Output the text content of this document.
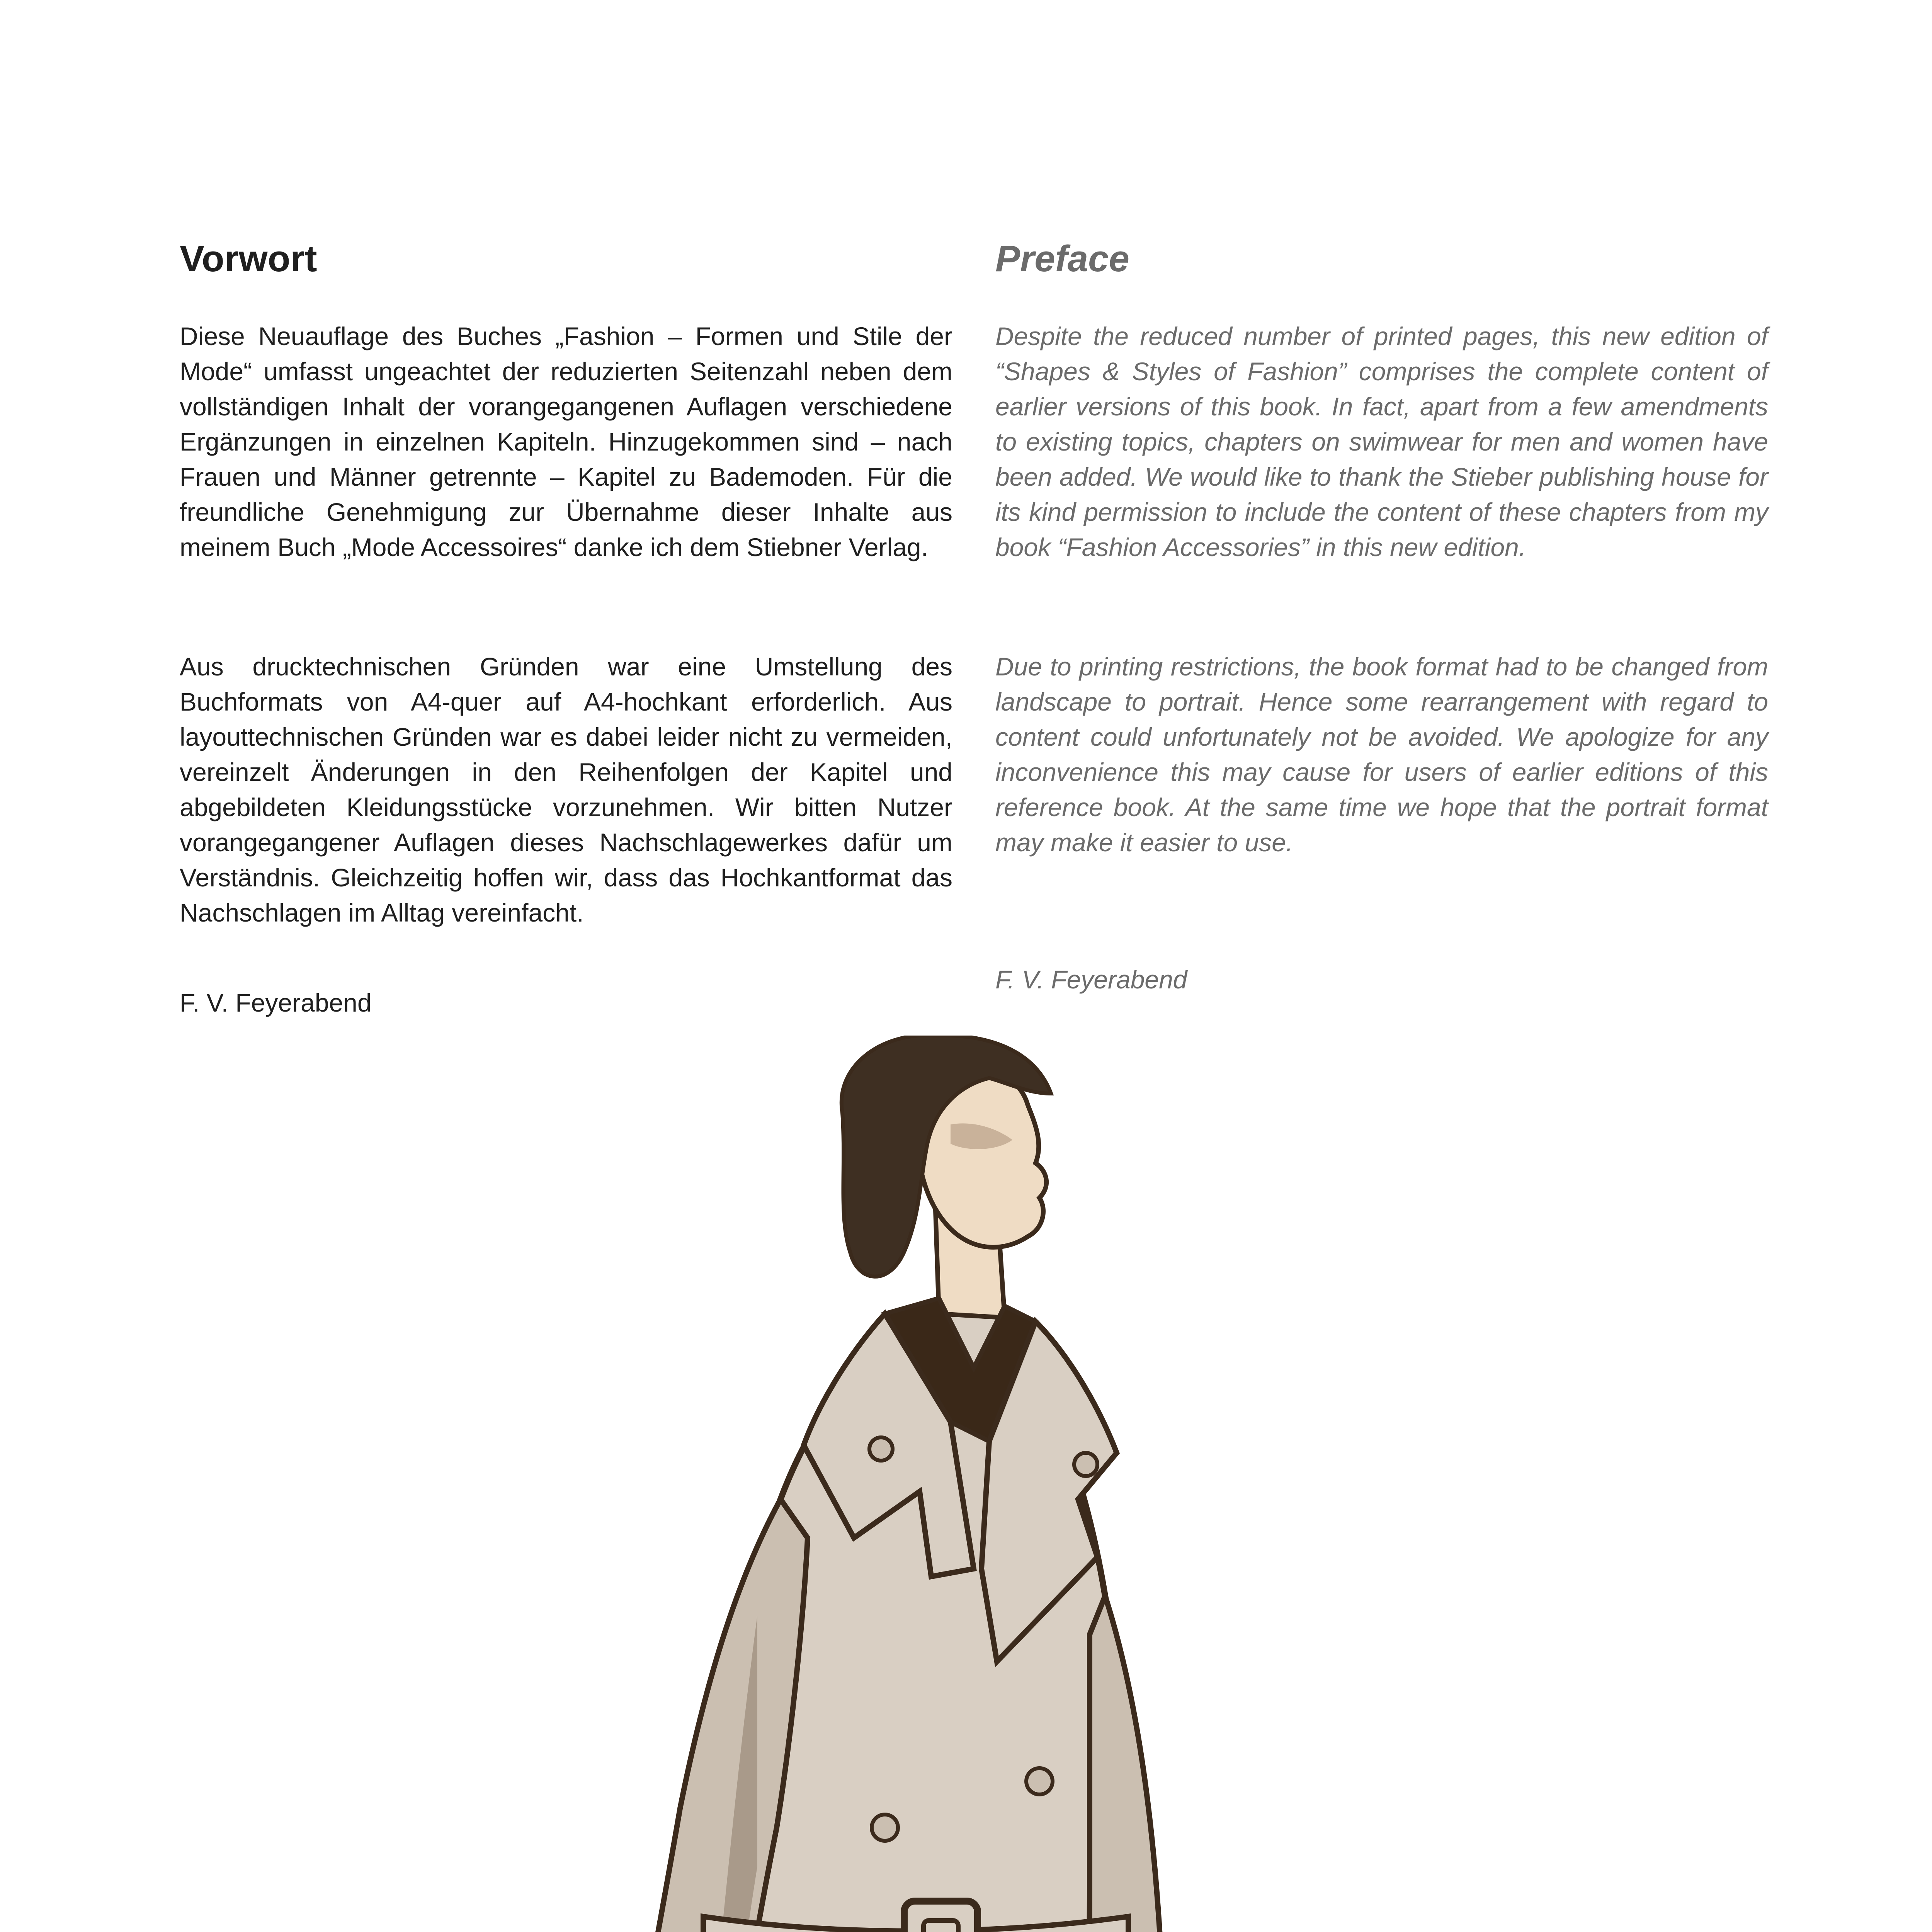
Vorwort

Diese Neuauflage des Buches „Fashion – Formen und Stile der Mode“ umfasst ungeachtet der reduzierten Seitenzahl neben dem vollständigen Inhalt der vorangegangenen Auflagen verschiedene Ergänzungen in einzelnen Kapiteln. Hinzugekommen sind – nach Frauen und Männer getrennte – Kapitel zu Bademoden. Für die freundliche Genehmigung zur Übernahme dieser Inhalte aus meinem Buch „Mode Accessoires“ danke ich dem Stiebner Verlag.

Aus drucktechnischen Gründen war eine Umstellung des Buchformats von A4-quer auf A4-hochkant erforderlich. Aus layouttechnischen Gründen war es dabei leider nicht zu vermeiden, vereinzelt Änderungen in den Reihenfolgen der Kapitel und abgebildeten Kleidungsstücke vorzunehmen. Wir bitten Nutzer vorangegangener Auflagen dieses Nachschlagewerkes dafür um Verständnis. Gleichzeitig hoffen wir, dass das Hochkantformat das Nachschlagen im Alltag vereinfacht.

F. V. Feyerabend

Preface

Despite the reduced number of printed pages, this new edition of “Shapes & Styles of Fashion” comprises the complete content of earlier versions of this book. In fact, apart from a few amendments to existing topics, chapters on swimwear for men and women have been added. We would like to thank the Stieber publishing house for its kind permission to include the content of these chapters from my book “Fashion Accessories” in this new edition.

Due to printing restrictions, the book format had to be changed from landscape to portrait. Hence some rearrangement with regard to content could unfortunately not be avoided. We apologize for any inconvenience this may cause for users of earlier editions of this reference book. At the same time we hope that the portrait format may make it easier to use.

F. V. Feyerabend
